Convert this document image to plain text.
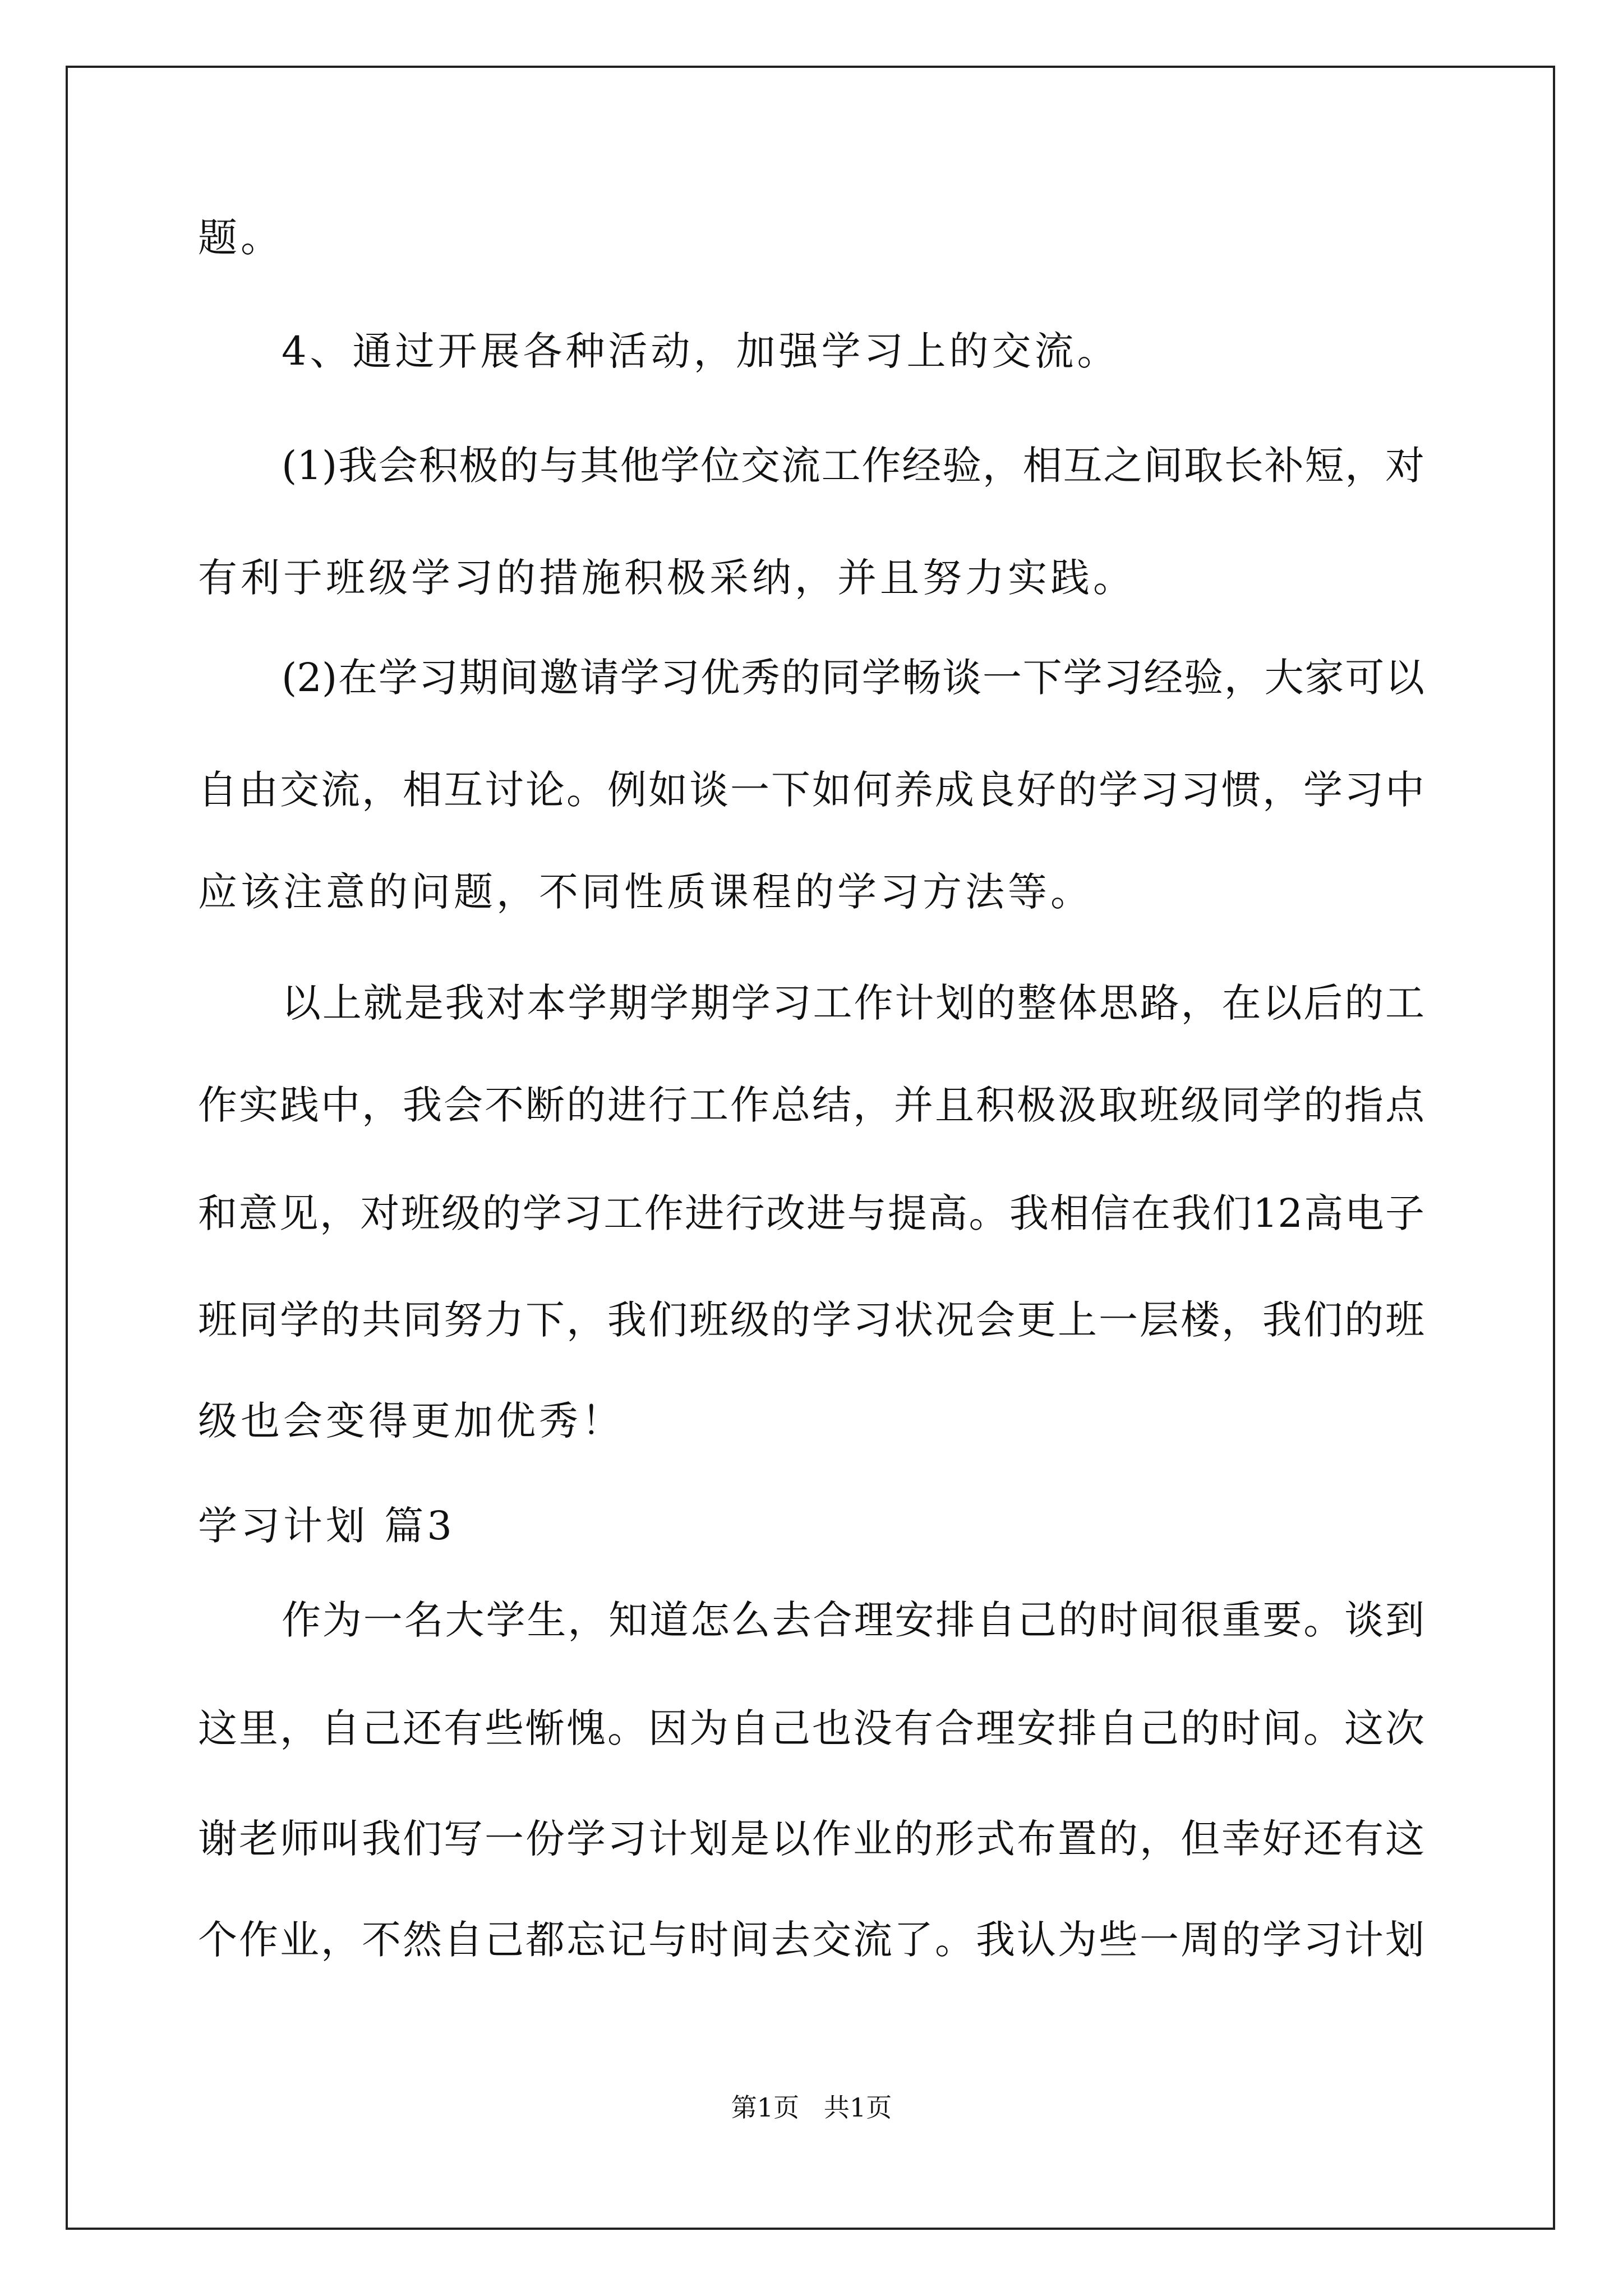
题。
4、通过开展各种活动，加强学习上的交流。
(1)我会积极的与其他学位交流工作经验，相互之间取长补短，对
有利于班级学习的措施积极采纳，并且努力实践。
(2)在学习期间邀请学习优秀的同学畅谈一下学习经验，大家可以
自由交流，相互讨论。例如谈一下如何养成良好的学习习惯，学习中
应该注意的问题，不同性质课程的学习方法等。
以上就是我对本学期学期学习工作计划的整体思路，在以后的工
作实践中，我会不断的进行工作总结，并且积极汲取班级同学的指点
和意见，对班级的学习工作进行改进与提高。我相信在我们12高电子
班同学的共同努力下，我们班级的学习状况会更上一层楼，我们的班
级也会变得更加优秀！
学习计划 篇3
作为一名大学生，知道怎么去合理安排自己的时间很重要。谈到
这里，自己还有些惭愧。因为自己也没有合理安排自己的时间。这次
谢老师叫我们写一份学习计划是以作业的形式布置的，但幸好还有这
个作业，不然自己都忘记与时间去交流了。我认为些一周的学习计划
第1页   共1页
